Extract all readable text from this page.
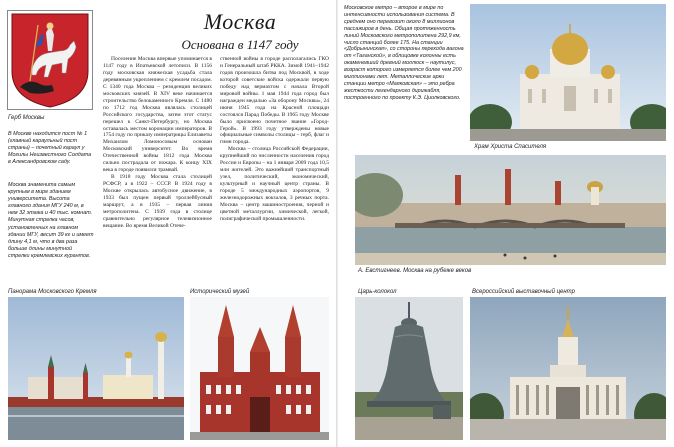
Герб Москвы
Москва
Основана в 1147 году
В Москве находится пост № 1 (главный караульный пост страны) – почетный караул у Могилы Неизвестного Солдата в Александровском саду.
Москва знаменита самым крупным в мире зданием университета. Высота главного здания МГУ 240 м, в нем 32 этажа и 40 тыс. комнат. Минутная стрелка часов, установленных на главном здании МГУ, весит 39 кг и имеет длину 4,1 м, что в два раза больше длины минутной стрелки кремлевских курантов.

Поселение Москва впервые упоминается в 1147 году в Ипатьевской летописи. В 1156 году московская княжеская усадьба стала деревянным укреплением с кремлем посадом. С 1340 года Москва – резиденция великих московских князей. В XIV веке начинается строительство белокаменного Кремля. С 1480 по 1712 год Москва являлась столицей Российского государства, затем этот статус перешел к Санкт-Петербургу, но Москва оставалась местом коронации императоров. В 1754 году по приказу императрицы Елизаветы Михаилом Ломоносовым основан Московский университет. Во время Отечественной войны 1812 года Москва сильно пострадала от пожара. К концу XIX века в городе появился трамвай.

В 1918 году Москва стала столицей РСФСР, а в 1922 – СССР. В 1924 году в Москве открылась автобусное движение, в 1933 был пущен первый троллейбусный маршрут, а в 1935 – первая линия метрополитена. С 1939 года в столице сравнительно регулярное телевизионное вещание. Во время Великой Отече-

ственной войны в городе располагались ГКО и Генеральный штаб РККА. Зимой 1941–1942 годов произошла битва под Москвой, в ходе которой советские войска одержали первую победу над вермахтом с начала Второй мировой войны. 1 мая 1944 года город был награжден медалью «За оборону Москвы», 24 июня 1945 года на Красной площади состоялся Парад Победы. В 1965 году Москве было присвоено почетное звание «Город-Герой». В 1993 году утверждены новые официальные символы столицы – герб, флаг и гимн города.

Москва – столица Российской Федерации, крупнейший по численности населения город России и Европы – на 1 января 2009 года 10,5 млн жителей. Это важнейший транспортный узел, политический, экономический, культурный и научный центр страны. В городе 5 международных аэропортов, 9 железнодорожных вокзалов, 3 речных порта. Москва – центр машиностроения, черной и цветной металлургии, химической, легкой, полиграфической промышленности.

Панорама Московского Кремля	Исторический музей
Московское метро – второе в мире по интенсивности использования система. В среднем оно перевозит около 8 миллионов пассажиров в день. Общая протяженность линий Московского метрополитена 292,9 км, число станций более 175. На станции «Добрынинская», со стороны перехода вагона от «Таганской», в облицовке колонны есть окаменевший древний моллюск – наутилус, возраст которого измеряется более чем 200 миллионами лет. Металлические арки станции метро «Маяковская» – это ребра жесткости легендарного дирижабля, построенного по проекту К.Э. Циолковского.
Храм Христа Спасителя
А. Евстигнеев. Москва на рубеже веков
Царь-колокол	Всероссийский выставочный центр
